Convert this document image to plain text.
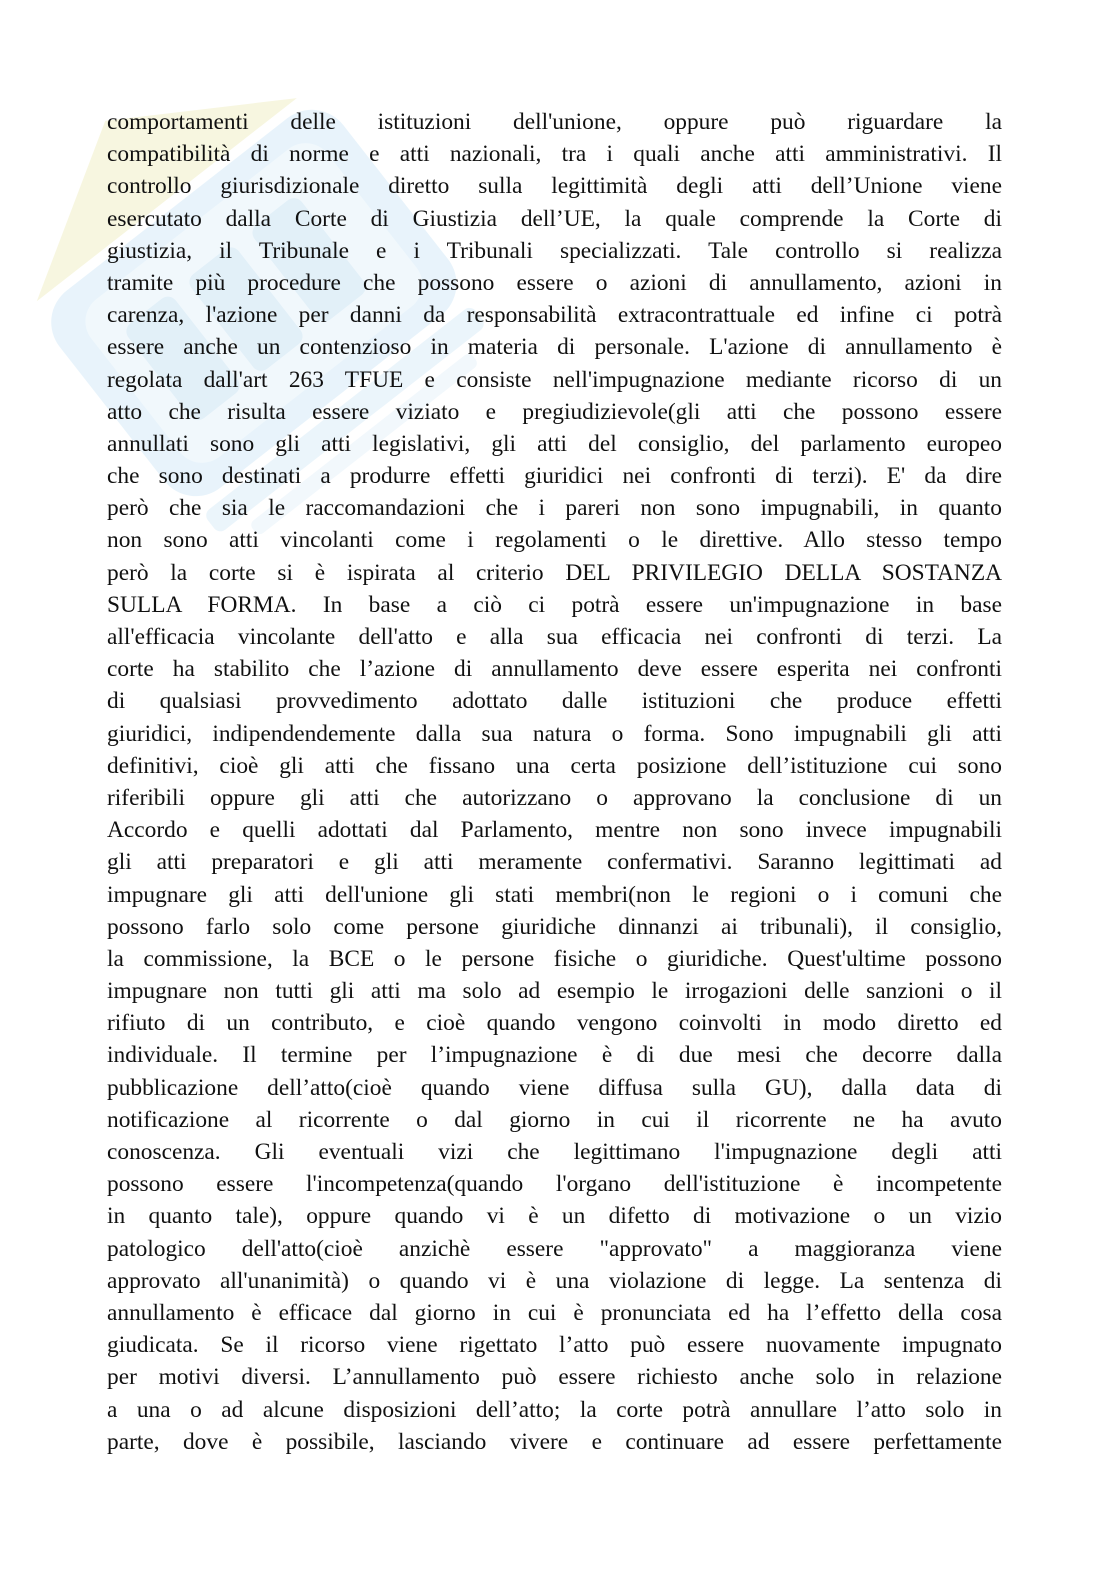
comportamenti delle istituzioni dell'unione, oppure può riguardare la
compatibilità di norme e atti nazionali, tra i quali anche atti amministrativi. Il
controllo giurisdizionale diretto sulla legittimità degli atti dell’Unione viene
esercutato dalla Corte di Giustizia dell’UE, la quale comprende la Corte di
giustizia, il Tribunale e i Tribunali specializzati. Tale controllo si realizza
tramite più procedure che possono essere o azioni di annullamento, azioni in
carenza, l'azione per danni da responsabilità extracontrattuale ed infine ci potrà
essere anche un contenzioso in materia di personale. L'azione di annullamento è
regolata dall'art 263 TFUE e consiste nell'impugnazione mediante ricorso di un
atto che risulta essere viziato e pregiudizievole(gli atti che possono essere
annullati sono gli atti legislativi, gli atti del consiglio, del parlamento europeo
che sono destinati a produrre effetti giuridici nei confronti di terzi). E' da dire
però che sia le raccomandazioni che i pareri non sono impugnabili, in quanto
non sono atti vincolanti come i regolamenti o le direttive. Allo stesso tempo
però la corte si è ispirata al criterio DEL PRIVILEGIO DELLA SOSTANZA
SULLA FORMA. In base a ciò ci potrà essere un'impugnazione in base
all'efficacia vincolante dell'atto e alla sua efficacia nei confronti di terzi. La
corte ha stabilito che l’azione di annullamento deve essere esperita nei confronti
di qualsiasi provvedimento adottato dalle istituzioni che produce effetti
giuridici, indipendendemente dalla sua natura o forma. Sono impugnabili gli atti
definitivi, cioè gli atti che fissano una certa posizione dell’istituzione cui sono
riferibili oppure gli atti che autorizzano o approvano la conclusione di un
Accordo e quelli adottati dal Parlamento, mentre non sono invece impugnabili
gli atti preparatori e gli atti meramente confermativi. Saranno legittimati ad
impugnare gli atti dell'unione gli stati membri(non le regioni o i comuni che
possono farlo solo come persone giuridiche dinnanzi ai tribunali), il consiglio,
la commissione, la BCE o le persone fisiche o giuridiche. Quest'ultime possono
impugnare non tutti gli atti ma solo ad esempio le irrogazioni delle sanzioni o il
rifiuto di un contributo, e cioè quando vengono coinvolti in modo diretto ed
individuale. Il termine per l’impugnazione è di due mesi che decorre dalla
pubblicazione dell’atto(cioè quando viene diffusa sulla GU), dalla data di
notificazione al ricorrente o dal giorno in cui il ricorrente ne ha avuto
conoscenza. Gli eventuali vizi che legittimano l'impugnazione degli atti
possono essere l'incompetenza(quando l'organo dell'istituzione è incompetente
in quanto tale), oppure quando vi è un difetto di motivazione o un vizio
patologico dell'atto(cioè anzichè essere "approvato" a maggioranza viene
approvato all'unanimità) o quando vi è una violazione di legge. La sentenza di
annullamento è efficace dal giorno in cui è pronunciata ed ha l’effetto della cosa
giudicata. Se il ricorso viene rigettato l’atto può essere nuovamente impugnato
per motivi diversi. L’annullamento può essere richiesto anche solo in relazione
a una o ad alcune disposizioni dell’atto; la corte potrà annullare l’atto solo in
parte, dove è possibile, lasciando vivere e continuare ad essere perfettamente
